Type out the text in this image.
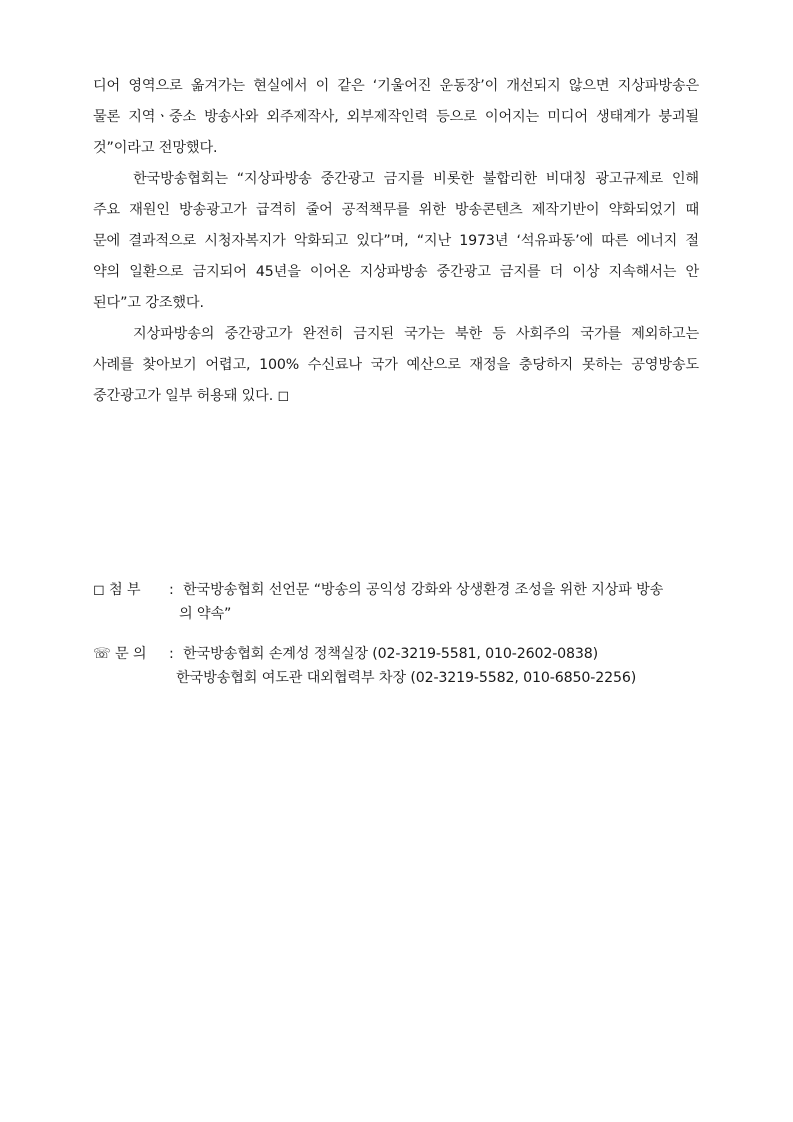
디어 영역으로 옮겨가는 현실에서 이 같은 ‘기울어진 운동장’이 개선되지 않으면 지상파방송은
물론 지역ㆍ중소 방송사와 외주제작사, 외부제작인력 등으로 이어지는 미디어 생태계가 붕괴될
것”이라고 전망했다.
한국방송협회는 “지상파방송 중간광고 금지를 비롯한 불합리한 비대칭 광고규제로 인해
주요 재원인 방송광고가 급격히 줄어 공적책무를 위한 방송콘텐츠 제작기반이 약화되었기 때
문에 결과적으로 시청자복지가 악화되고 있다”며, “지난 1973년 ‘석유파동’에 따른 에너지 절
약의 일환으로 금지되어 45년을 이어온 지상파방송 중간광고 금지를 더 이상 지속해서는 안
된다”고 강조했다.
지상파방송의 중간광고가 완전히 금지된 국가는 북한 등 사회주의 국가를 제외하고는
사례를 찾아보기 어렵고, 100% 수신료나 국가 예산으로 재정을 충당하지 못하는 공영방송도
중간광고가 일부 허용돼 있다. ◻
◻ 첨 부	: 한국방송협회 선언문 “방송의 공익성 강화와 상생환경 조성을 위한 지상파 방송
의 약속”
☏ 문 의	: 한국방송협회 손계성 정책실장 (02-3219-5581, 010-2602-0838)
한국방송협회 여도관 대외협력부 차장 (02-3219-5582, 010-6850-2256)
